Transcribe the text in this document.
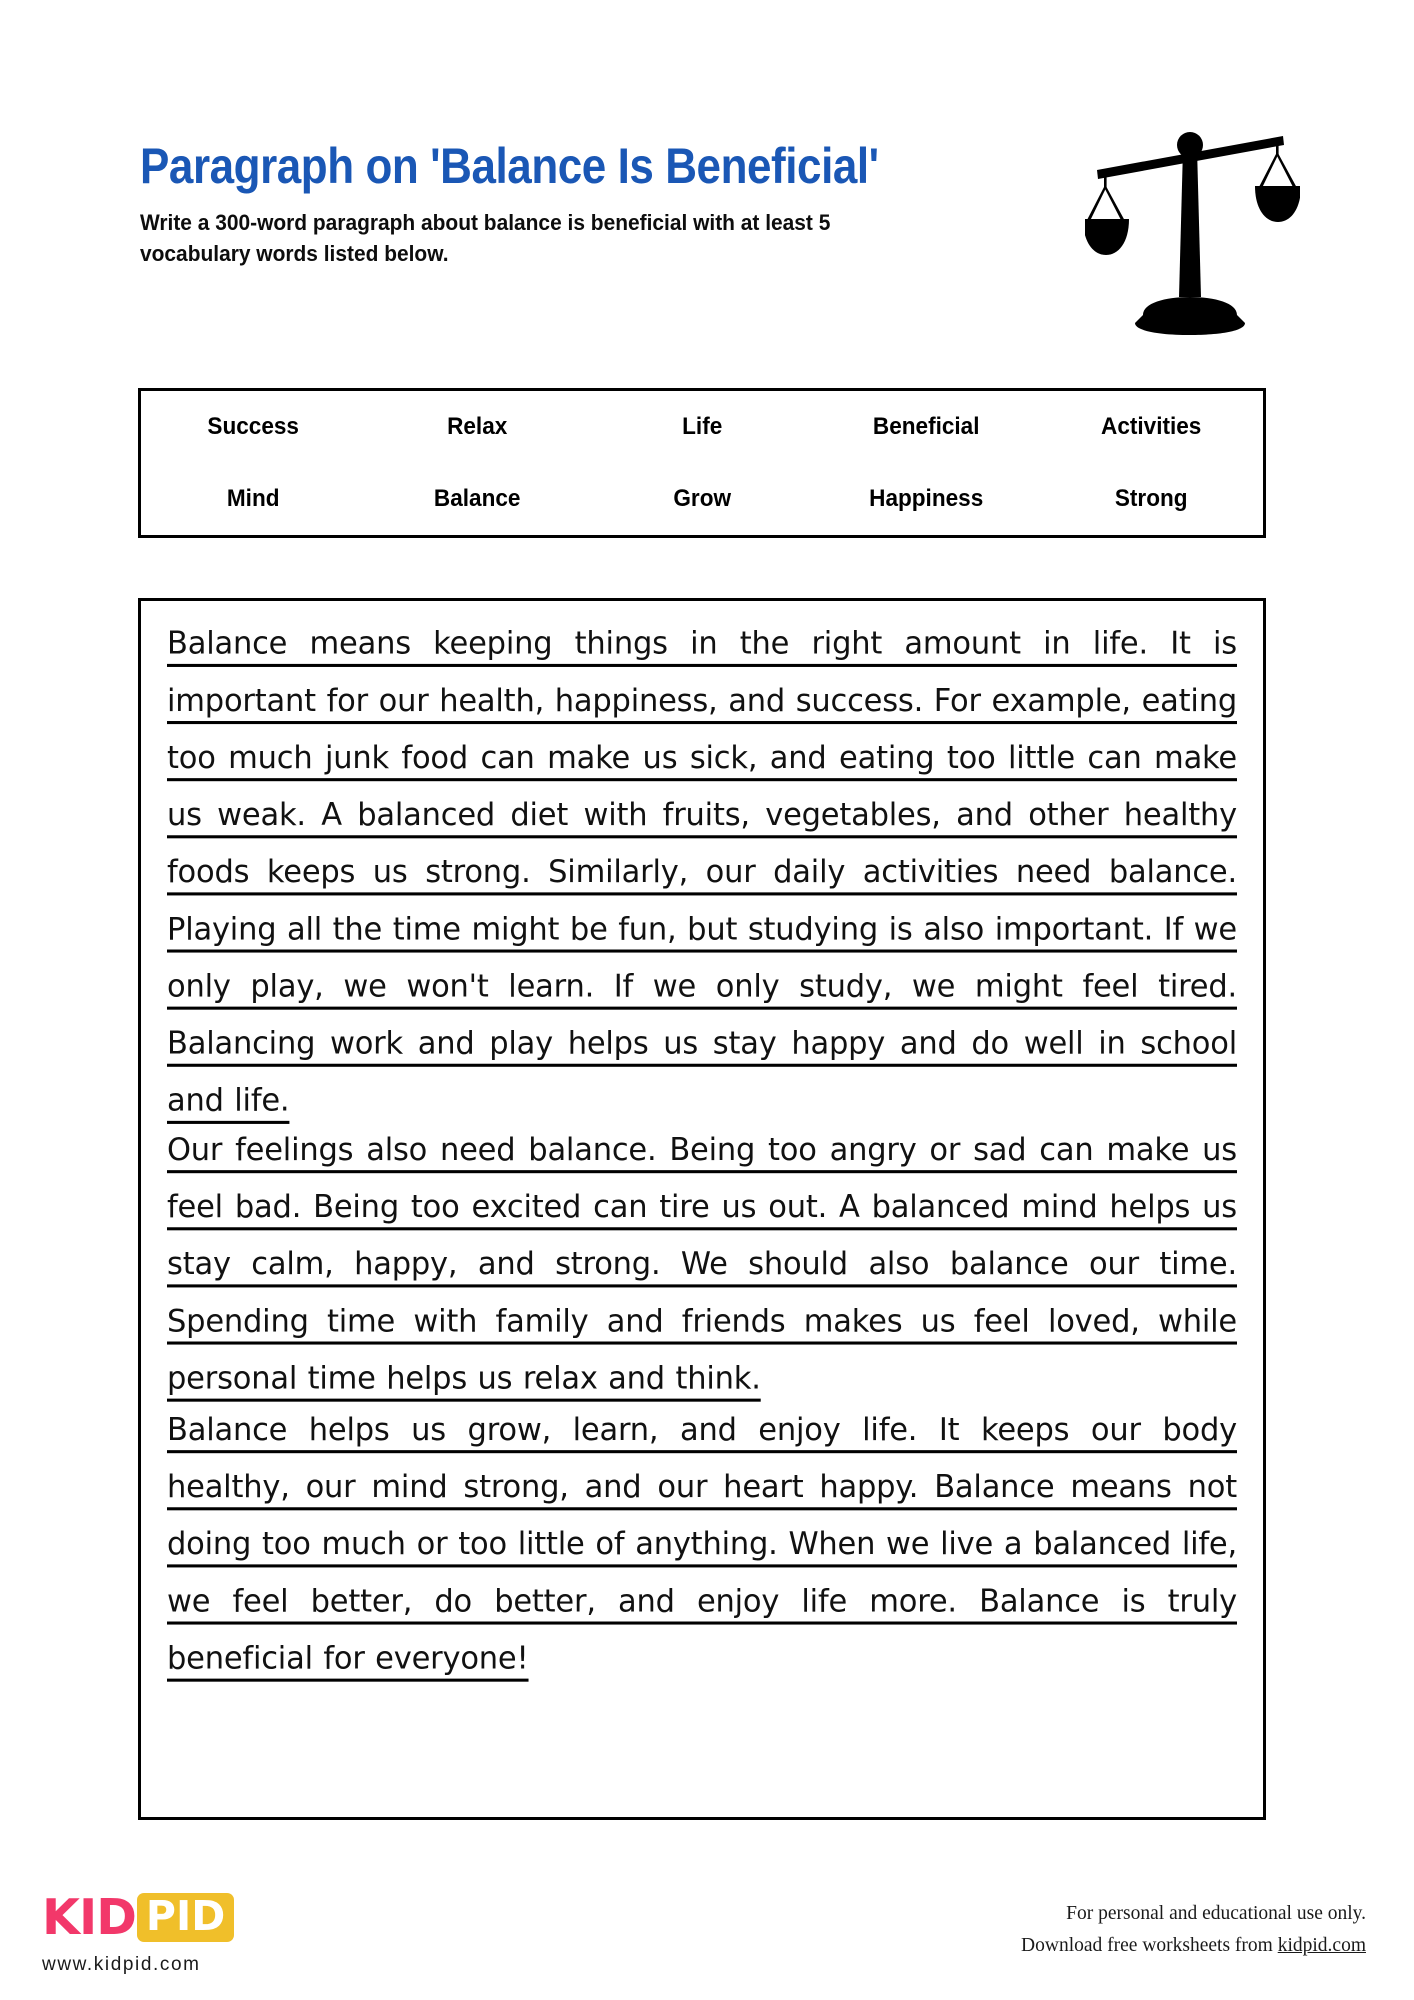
Paragraph on 'Balance Is Beneficial'

Write a 300-word paragraph about balance is beneficial with at least 5 vocabulary words listed below.

Success	Relax	Life	Beneficial	Activities
Mind	Balance	Grow	Happiness	Strong

Balance means keeping things in the right amount in life. It is important for our health, happiness, and success. For example, eating too much junk food can make us sick, and eating too little can make us weak. A balanced diet with fruits, vegetables, and other healthy foods keeps us strong. Similarly, our daily activities need balance. Playing all the time might be fun, but studying is also important. If we only play, we won't learn. If we only study, we might feel tired. Balancing work and play helps us stay happy and do well in school and life.

Our feelings also need balance. Being too angry or sad can make us feel bad. Being too excited can tire us out. A balanced mind helps us stay calm, happy, and strong. We should also balance our time. Spending time with family and friends makes us feel loved, while personal time helps us relax and think.

Balance helps us grow, learn, and enjoy life. It keeps our body healthy, our mind strong, and our heart happy. Balance means not doing too much or too little of anything. When we live a balanced life, we feel better, do better, and enjoy life more. Balance is truly beneficial for everyone!

KID PID
www.kidpid.com
For personal and educational use only.
Download free worksheets from kidpid.com
